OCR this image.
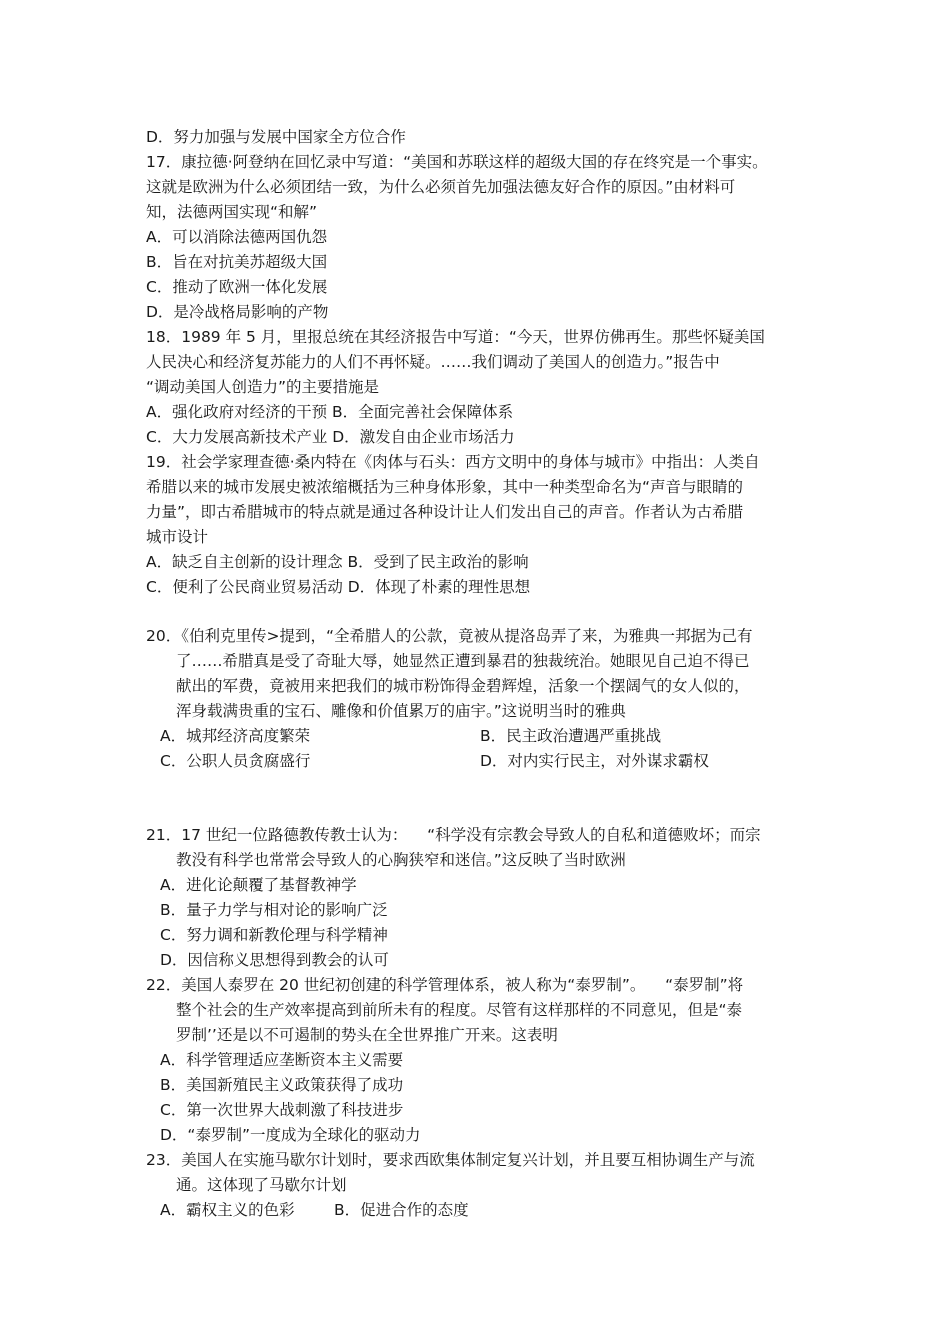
D．努力加强与发展中国家全方位合作
17．康拉德·阿登纳在回忆录中写道：“美国和苏联这样的超级大国的存在终究是一个事实。
这就是欧洲为什么必须团结一致，为什么必须首先加强法德友好合作的原因。”由材料可
知，法德两国实现“和解”
A．可以消除法德两国仇怨
B．旨在对抗美苏超级大国
C．推动了欧洲一体化发展
D．是冷战格局影响的产物
18．1989 年 5 月，里报总统在其经济报告中写道：“今天，世界仿佛再生。那些怀疑美国
人民决心和经济复苏能力的人们不再怀疑。……我们调动了美国人的创造力。”报告中
“调动美国人创造力”的主要措施是
A．强化政府对经济的干预 B．全面完善社会保障体系
C．大力发展高新技术产业 D．激发自由企业市场活力
19．社会学家理查德·桑内特在《肉体与石头：西方文明中的身体与城市》中指出：人类自
希腊以来的城市发展史被浓缩概括为三种身体形象，其中一种类型命名为“声音与眼睛的
力量”，即古希腊城市的特点就是通过各种设计让人们发出自己的声音。作者认为古希腊
城市设计
A．缺乏自主创新的设计理念 B．受到了民主政治的影响
C．便利了公民商业贸易活动 D．体现了朴素的理性思想
20．《伯利克里传>提到，“全希腊人的公款，竟被从提洛岛弄了来，为雅典一邦据为己有
了……希腊真是受了奇耻大辱，她显然正遭到暴君的独裁统治。她眼见自己迫不得已
献出的军费，竟被用来把我们的城市粉饰得金碧辉煌，活象一个摆阔气的女人似的，
浑身载满贵重的宝石、雕像和价值累万的庙宇。”这说明当时的雅典
A．城邦经济高度繁荣	B．民主政治遭遇严重挑战
C．公职人员贪腐盛行	D．对内实行民主，对外谋求霸权
21．17 世纪一位路德教传教士认为：    “科学没有宗教会导致人的自私和道德败坏；而宗
教没有科学也常常会导致人的心胸狭窄和迷信。”这反映了当时欧洲
A．进化论颠覆了基督教神学
B．量子力学与相对论的影响广泛
C．努力调和新教伦理与科学精神
D．因信称义思想得到教会的认可
22．美国人泰罗在 20 世纪初创建的科学管理体系，被人称为“泰罗制”。    “泰罗制”将
整个社会的生产效率提高到前所未有的程度。尽管有这样那样的不同意见，但是“泰
罗制’’还是以不可遏制的势头在全世界推广开来。这表明
A．科学管理适应垄断资本主义需要
B．美国新殖民主义政策获得了成功
C．第一次世界大战刺激了科技进步
D．“泰罗制”一度成为全球化的驱动力
23．美国人在实施马歇尔计划时，要求西欧集体制定复兴计划，并且要互相协调生产与流
通。这体现了马歇尔计划
A．霸权主义的色彩        B．促进合作的态度
